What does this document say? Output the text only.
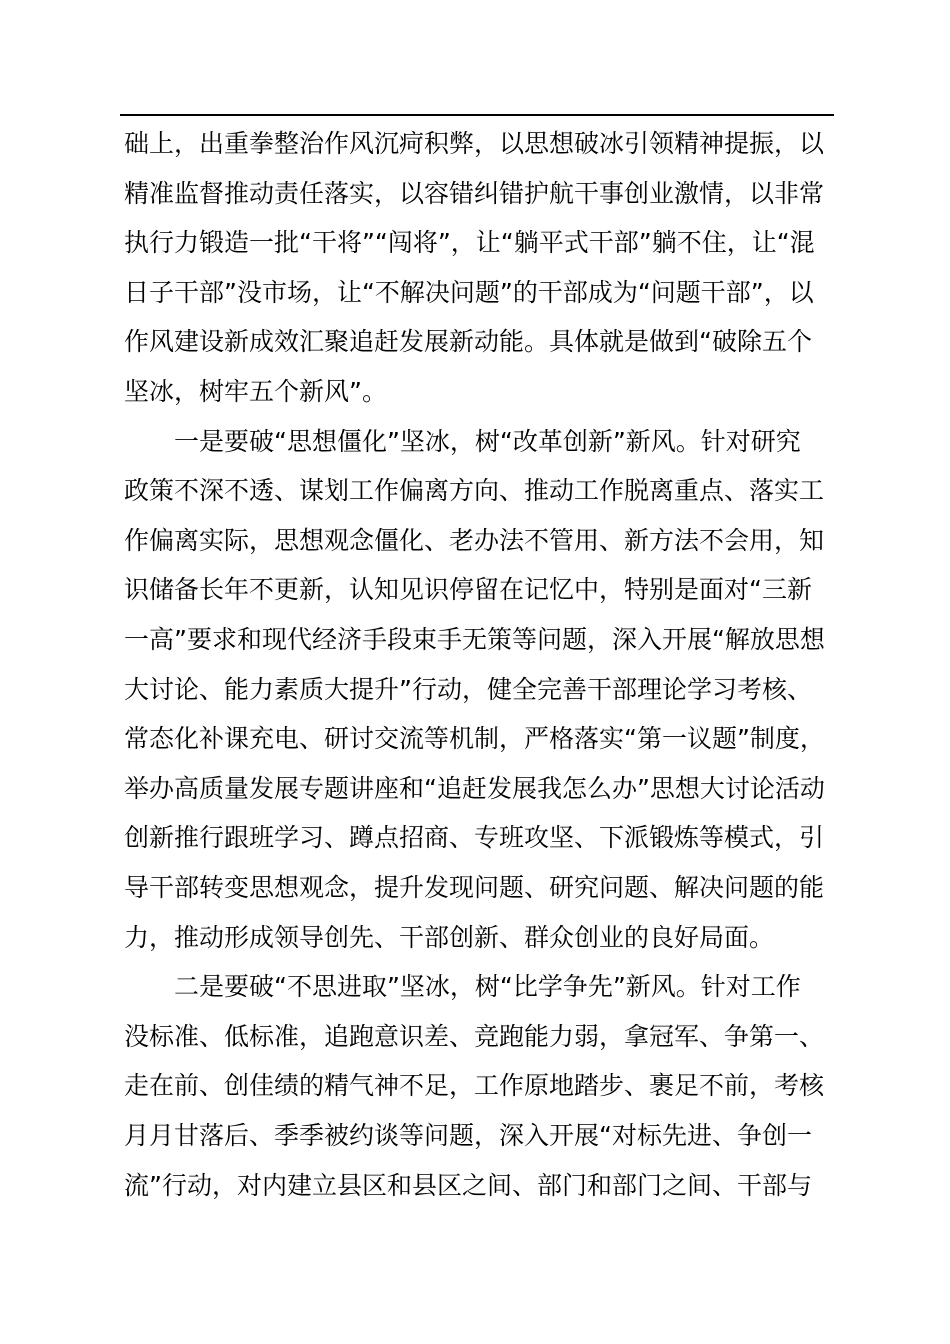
础上，出重拳整治作风沉疴积弊，以思想破冰引领精神提振，以

精准监督推动责任落实，以容错纠错护航干事创业激情，以非常

执行力锻造一批“干将”“闯将”，让“躺平式干部”躺不住，让“混

日子干部”没市场，让“不解决问题”的干部成为“问题干部”，以

作风建设新成效汇聚追赶发展新动能。具体就是做到“破除五个

坚冰，树牢五个新风”。

一是要破“思想僵化”坚冰，树“改革创新”新风。针对研究

政策不深不透、谋划工作偏离方向、推动工作脱离重点、落实工

作偏离实际，思想观念僵化、老办法不管用、新方法不会用，知

识储备长年不更新，认知见识停留在记忆中，特别是面对“三新

一高”要求和现代经济手段束手无策等问题，深入开展“解放思想

大讨论、能力素质大提升”行动，健全完善干部理论学习考核、

常态化补课充电、研讨交流等机制，严格落实“第一议题”制度，

举办高质量发展专题讲座和“追赶发展我怎么办”思想大讨论活动

创新推行跟班学习、蹲点招商、专班攻坚、下派锻炼等模式，引

导干部转变思想观念，提升发现问题、研究问题、解决问题的能

力，推动形成领导创先、干部创新、群众创业的良好局面。

二是要破“不思进取”坚冰，树“比学争先”新风。针对工作

没标准、低标准，追跑意识差、竞跑能力弱，拿冠军、争第一、

走在前、创佳绩的精气神不足，工作原地踏步、裹足不前，考核

月月甘落后、季季被约谈等问题，深入开展“对标先进、争创一

流”行动，对内建立县区和县区之间、部门和部门之间、干部与
